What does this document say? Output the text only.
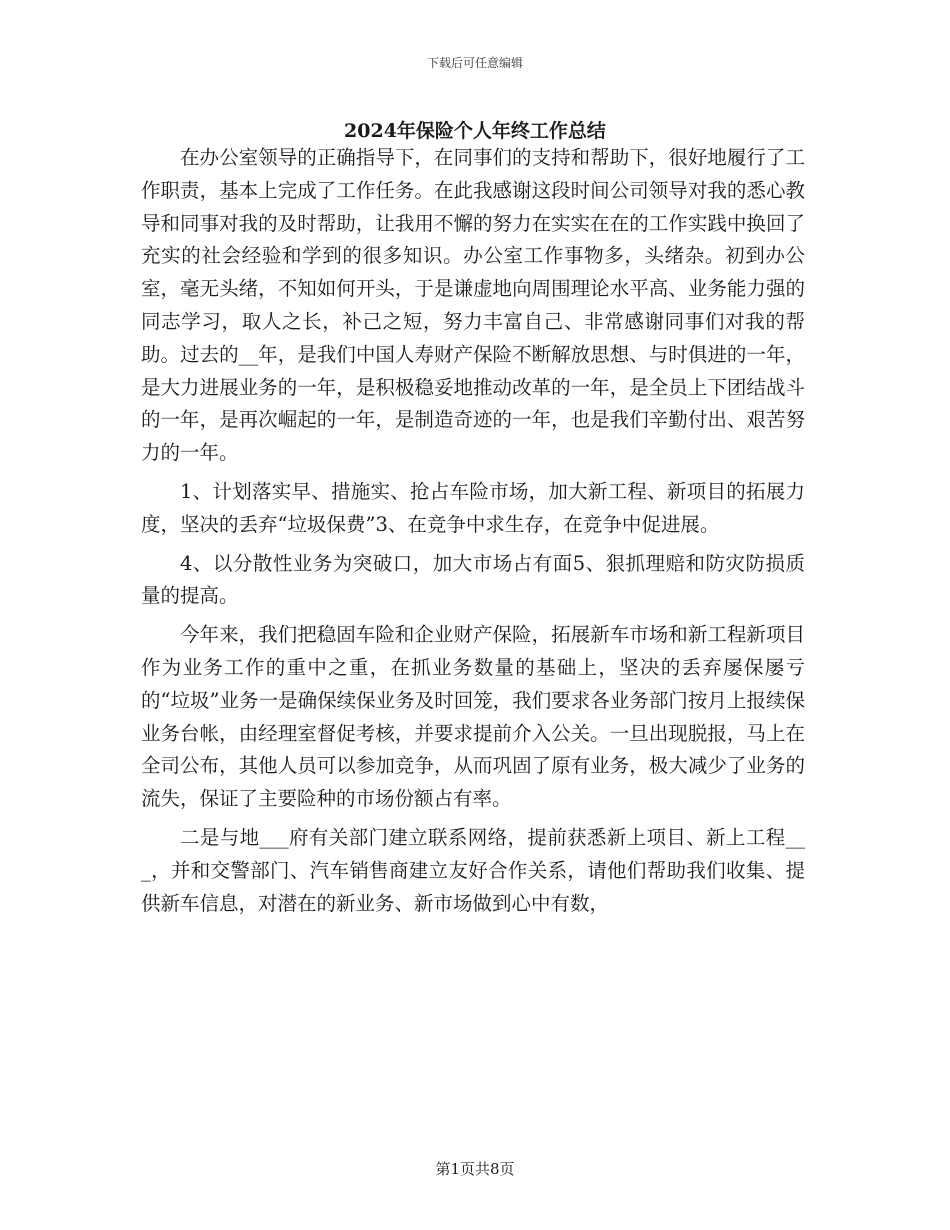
下载后可任意编辑
2024年保险个人年终工作总结

在办公室领导的正确指导下，在同事们的支持和帮助下，很好地履行了工作职责，基本上完成了工作任务。在此我感谢这段时间公司领导对我的悉心教导和同事对我的及时帮助，让我用不懈的努力在实实在在的工作实践中换回了充实的社会经验和学到的很多知识。办公室工作事物多，头绪杂。初到办公室，毫无头绪，不知如何开头，于是谦虚地向周围理论水平高、业务能力强的同志学习，取人之长，补己之短，努力丰富自己、非常感谢同事们对我的帮助。过去的__年，是我们中国人寿财产保险不断解放思想、与时俱进的一年，是大力进展业务的一年，是积极稳妥地推动改革的一年，是全员上下团结战斗的一年，是再次崛起的一年，是制造奇迹的一年，也是我们辛勤付出、艰苦努力的一年。

1、计划落实早、措施实、抢占车险市场，加大新工程、新项目的拓展力度，坚决的丢弃“垃圾保费”3、在竞争中求生存，在竞争中促进展。

4、以分散性业务为突破口，加大市场占有面5、狠抓理赔和防灾防损质量的提高。

今年来，我们把稳固车险和企业财产保险，拓展新车市场和新工程新项目作为业务工作的重中之重，在抓业务数量的基础上，坚决的丢弃屡保屡亏的“垃圾”业务一是确保续保业务及时回笼，我们要求各业务部门按月上报续保业务台帐，由经理室督促考核，并要求提前介入公关。一旦出现脱报，马上在全司公布，其他人员可以参加竞争，从而巩固了原有业务，极大减少了业务的流失，保证了主要险种的市场份额占有率。

二是与地___府有关部门建立联系网络，提前获悉新上项目、新上工程___，并和交警部门、汽车销售商建立友好合作关系，请他们帮助我们收集、提供新车信息，对潜在的新业务、新市场做到心中有数，

第1页共8页
